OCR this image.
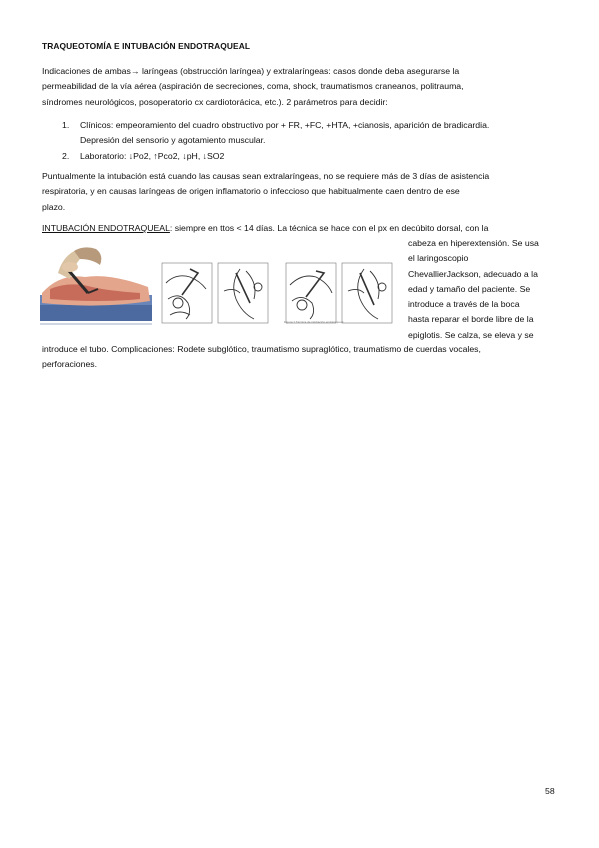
TRAQUEOTOMÍA E INTUBACIÓN ENDOTRAQUEAL
Indicaciones de ambas→ laríngeas (obstrucción laríngea) y extralaríngeas: casos donde deba asegurarse la
permeabilidad de la vía aérea (aspiración de secreciones, coma, shock, traumatismos craneanos, politrauma,
síndromes neurológicos, posoperatorio cx cardiotorácica, etc.). 2 parámetros para decidir:
1. Clínicos: empeoramiento del cuadro obstructivo por + FR, +FC, +HTA, +cianosis, aparición de bradicardia.
Depresión del sensorio y agotamiento muscular.
2. Laboratorio: ↓Po2, ↑Pco2, ↓pH, ↓SO2
Puntualmente la intubación está cuando las causas sean extralaríngeas, no se requiere más de 3 días de asistencia
respiratoria, y en causas laríngeas de origen inflamatorio o infeccioso que habitualmente caen dentro de ese
plazo.
INTUBACIÓN ENDOTRAQUEAL: siempre en ttos < 14 días. La técnica se hace con el px en decúbito dorsal, con la
Figura 1 Técnica de intubación endotraqueal
cabeza en hiperextensión. Se usa
el laringoscopio
ChevallierJackson, adecuado a la
edad y tamaño del paciente. Se
introduce a través de la boca
hasta reparar el borde libre de la
epiglotis. Se calza, se eleva y se
introduce el tubo. Complicaciones: Rodete subglótico, traumatismo supraglótico, traumatismo de cuerdas vocales,
perforaciones.
58
